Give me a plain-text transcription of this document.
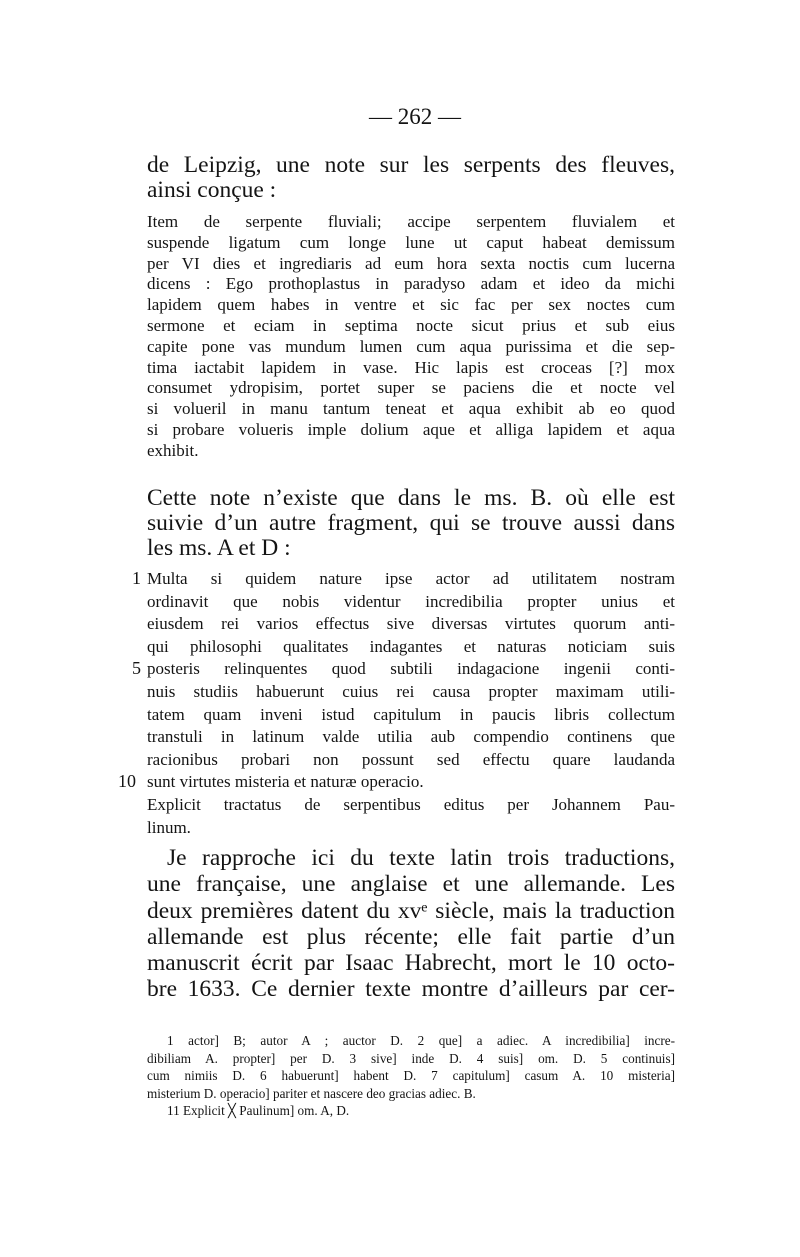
— 262 —
de Leipzig, une note sur les serpents des fleuves,
ainsi conçue :
Item de serpente fluviali; accipe serpentem fluvialem et
suspende ligatum cum longe lune ut caput habeat demissum
per VI dies et ingrediaris ad eum hora sexta noctis cum lucerna
dicens : Ego prothoplastus in paradyso adam et ideo da michi
lapidem quem habes in ventre et sic fac per sex noctes cum
sermone et eciam in septima nocte sicut prius et sub eius
capite pone vas mundum lumen cum aqua purissima et die sep-
tima iactabit lapidem in vase. Hic lapis est croceas [?] mox
consumet ydropisim, portet super se paciens die et nocte vel
si volueril in manu tantum teneat et aqua exhibit ab eo quod
si probare volueris imple dolium aque et alliga lapidem et aqua
exhibit.
Cette note n’existe que dans le ms. B. où elle est
suivie d’un autre fragment, qui se trouve aussi dans
les ms. A et D :
1
5
10
Multa si quidem nature ipse actor ad utilitatem nostram
ordinavit que nobis videntur incredibilia propter unius et
eiusdem rei varios effectus sive diversas virtutes quorum anti-
qui philosophi qualitates indagantes et naturas noticiam suis
posteris relinquentes quod subtili indagacione ingenii conti-
nuis studiis habuerunt cuius rei causa propter maximam utili-
tatem quam inveni istud capitulum in paucis libris collectum
transtuli in latinum valde utilia aub compendio continens que
racionibus probari non possunt sed effectu quare laudanda
sunt virtutes misteria et naturæ operacio.
Explicit tractatus de serpentibus editus per Johannem Pau-
linum.
Je rapproche ici du texte latin trois traductions,
une française, une anglaise et une allemande. Les
deux premières datent du xvᵉ siècle, mais la traduction
allemande est plus récente; elle fait partie d’un
manuscrit écrit par Isaac Habrecht, mort le 10 octo-
bre 1633. Ce dernier texte montre d’ailleurs par cer-
1 actor] B; autor A ; auctor D. 2 que] a adiec. A incredibilia] incre-
dibiliam A. propter] per D. 3 sive] inde D. 4 suis] om. D. 5 continuis]
cum nimiis D. 6 habuerunt] habent D. 7 capitulum] casum A. 10 misteria]
misterium D. operacio] pariter et nascere deo gracias adiec. B.
11 Explicit ╳ Paulinum] om. A, D.
